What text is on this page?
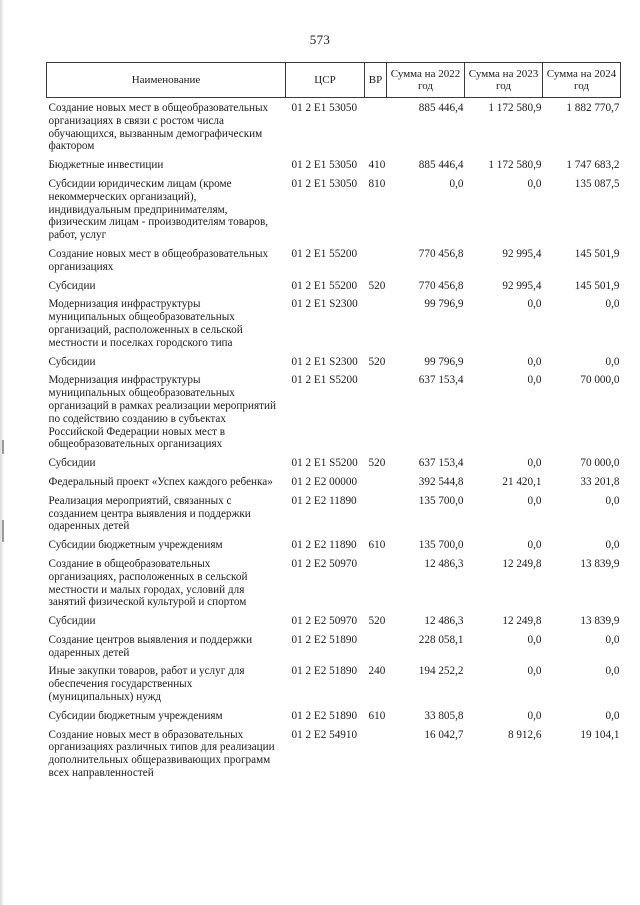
573
Наименование	ЦСР	ВР	Сумма на 2022 год	Сумма на 2023 год	Сумма на 2024 год
Создание новых мест в общеобразовательных организациях в связи с ростом числа обучающихся, вызванным демографическим фактором	01 2 E1 53050		885 446,4	1 172 580,9	1 882 770,7
Бюджетные инвестиции	01 2 E1 53050	410	885 446,4	1 172 580,9	1 747 683,2
Субсидии юридическим лицам (кроме некоммерческих организаций), индивидуальным предпринимателям, физическим лицам - производителям товаров, работ, услуг	01 2 E1 53050	810	0,0	0,0	135 087,5
Создание новых мест в общеобразовательных организациях	01 2 E1 55200		770 456,8	92 995,4	145 501,9
Субсидии	01 2 E1 55200	520	770 456,8	92 995,4	145 501,9
Модернизация инфраструктуры муниципальных общеобразовательных организаций, расположенных в сельской местности и поселках городского типа	01 2 E1 S2300		99 796,9	0,0	0,0
Субсидии	01 2 E1 S2300	520	99 796,9	0,0	0,0
Модернизация инфраструктуры муниципальных общеобразовательных организаций в рамках реализации мероприятий по содействию созданию в субъектах Российской Федерации новых мест в общеобразовательных организациях	01 2 E1 S5200		637 153,4	0,0	70 000,0
Субсидии	01 2 E1 S5200	520	637 153,4	0,0	70 000,0
Федеральный проект «Успех каждого ребенка»	01 2 E2 00000		392 544,8	21 420,1	33 201,8
Реализация мероприятий, связанных с созданием центра выявления и поддержки одаренных детей	01 2 E2 11890		135 700,0	0,0	0,0
Субсидии бюджетным учреждениям	01 2 E2 11890	610	135 700,0	0,0	0,0
Создание в общеобразовательных организациях, расположенных в сельской местности и малых городах, условий для занятий физической культурой и спортом	01 2 E2 50970		12 486,3	12 249,8	13 839,9
Субсидии	01 2 E2 50970	520	12 486,3	12 249,8	13 839,9
Создание центров выявления и поддержки одаренных детей	01 2 E2 51890		228 058,1	0,0	0,0
Иные закупки товаров, работ и услуг для обеспечения государственных (муниципальных) нужд	01 2 E2 51890	240	194 252,2	0,0	0,0
Субсидии бюджетным учреждениям	01 2 E2 51890	610	33 805,8	0,0	0,0
Создание новых мест в образовательных организациях различных типов для реализации дополнительных общеразвивающих программ всех направленностей	01 2 E2 54910		16 042,7	8 912,6	19 104,1
